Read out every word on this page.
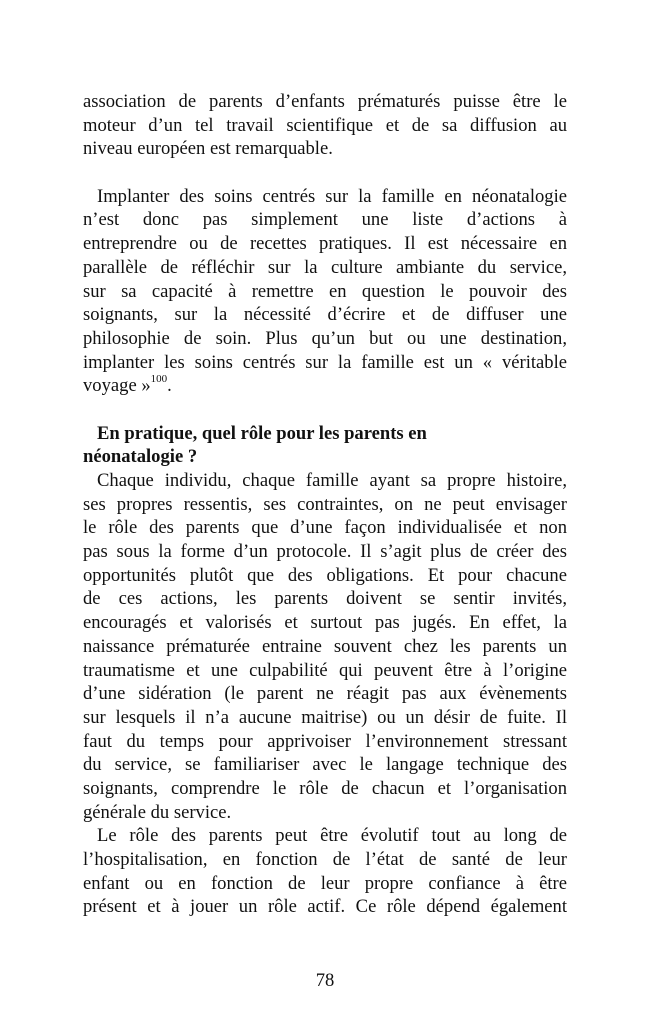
association de parents d’enfants prématurés puisse être le
moteur d’un tel travail scientifique et de sa diffusion au
niveau européen est remarquable.
Implanter des soins centrés sur la famille en néonatalogie
n’est donc pas simplement une liste d’actions à
entreprendre ou de recettes pratiques. Il est nécessaire en
parallèle de réfléchir sur la culture ambiante du service,
sur sa capacité à remettre en question le pouvoir des
soignants, sur la nécessité d’écrire et de diffuser une
philosophie de soin. Plus qu’un but ou une destination,
implanter les soins centrés sur la famille est un « véritable
voyage »$^{100}$.
En pratique, quel rôle pour les parents en
néonatalogie ?
Chaque individu, chaque famille ayant sa propre histoire,
ses propres ressentis, ses contraintes, on ne peut envisager
le rôle des parents que d’une façon individualisée et non
pas sous la forme d’un protocole. Il s’agit plus de créer des
opportunités plutôt que des obligations. Et pour chacune
de ces actions, les parents doivent se sentir invités,
encouragés et valorisés et surtout pas jugés. En effet, la
naissance prématurée entraine souvent chez les parents un
traumatisme et une culpabilité qui peuvent être à l’origine
d’une sidération (le parent ne réagit pas aux évènements
sur lesquels il n’a aucune maitrise) ou un désir de fuite. Il
faut du temps pour apprivoiser l’environnement stressant
du service, se familiariser avec le langage technique des
soignants, comprendre le rôle de chacun et l’organisation
générale du service.
Le rôle des parents peut être évolutif tout au long de
l’hospitalisation, en fonction de l’état de santé de leur
enfant ou en fonction de leur propre confiance à être
présent et à jouer un rôle actif. Ce rôle dépend également
78
